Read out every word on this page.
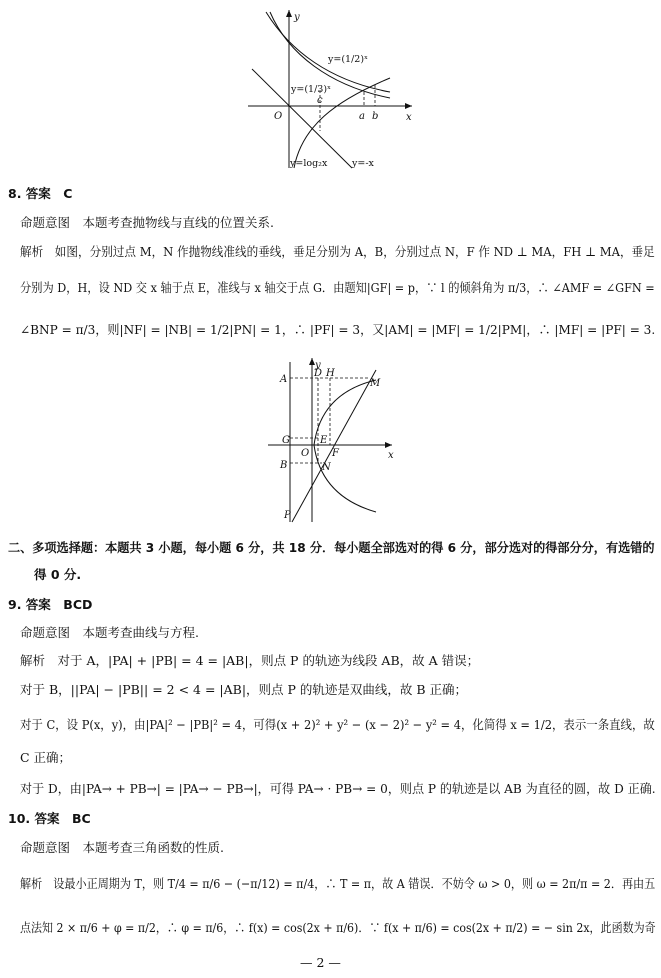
y
x
O
y=(1/2)ˣ
y=(1/3)ˣ
y=log₂x	y=-x
c
a b
8. 答案　C
命题意图　本题考查抛物线与直线的位置关系.
解析　如图，分别过点 M，N 作抛物线准线的垂线，垂足分别为 A，B，分别过点 N，F 作 ND ⊥ MA，FH ⊥ MA，垂足
分别为 D，H，设 ND 交 x 轴于点 E，准线与 x 轴交于点 G．由题知|GF| = p，∵ l 的倾斜角为 π/3，∴ ∠AMF = ∠GFN =
∠BNP = π/3，则|NF| = |NB| = 1/2|PN| = 1，∴ |PF| = 3，又|AM| = |MF| = 1/2|PM|，∴ |MF| = |PF| = 3.
y
x
A
D H
M
G	E
F
O
B	N
P
二、多项选择题：本题共 3 小题，每小题 6 分，共 18 分．每小题全部选对的得 6 分，部分选对的得部分分，有选错的
得 0 分.
9. 答案　BCD
命题意图　本题考查曲线与方程.
解析　对于 A，|PA| + |PB| = 4 = |AB|，则点 P 的轨迹为线段 AB，故 A 错误；
对于 B，||PA| − |PB|| = 2 < 4 = |AB|，则点 P 的轨迹是双曲线，故 B 正确；
对于 C，设 P(x，y)，由|PA|² − |PB|² = 4，可得(x + 2)² + y² − (x − 2)² − y² = 4，化简得 x = 1/2，表示一条直线，故
C 正确；
对于 D，由|PA→ + PB→| = |PA→ − PB→|，可得 PA→ · PB→ = 0，则点 P 的轨迹是以 AB 为直径的圆，故 D 正确.
10. 答案　BC
命题意图　本题考查三角函数的性质.
解析　设最小正周期为 T，则 T/4 = π/6 − (−π/12) = π/4，∴ T = π，故 A 错误．不妨令 ω > 0，则 ω = 2π/π = 2．再由五
点法知 2 × π/6 + φ = π/2，∴ φ = π/6，∴ f(x) = cos(2x + π/6)．∵ f(x + π/6) = cos(2x + π/2) = − sin 2x，此函数为奇
— 2 —
